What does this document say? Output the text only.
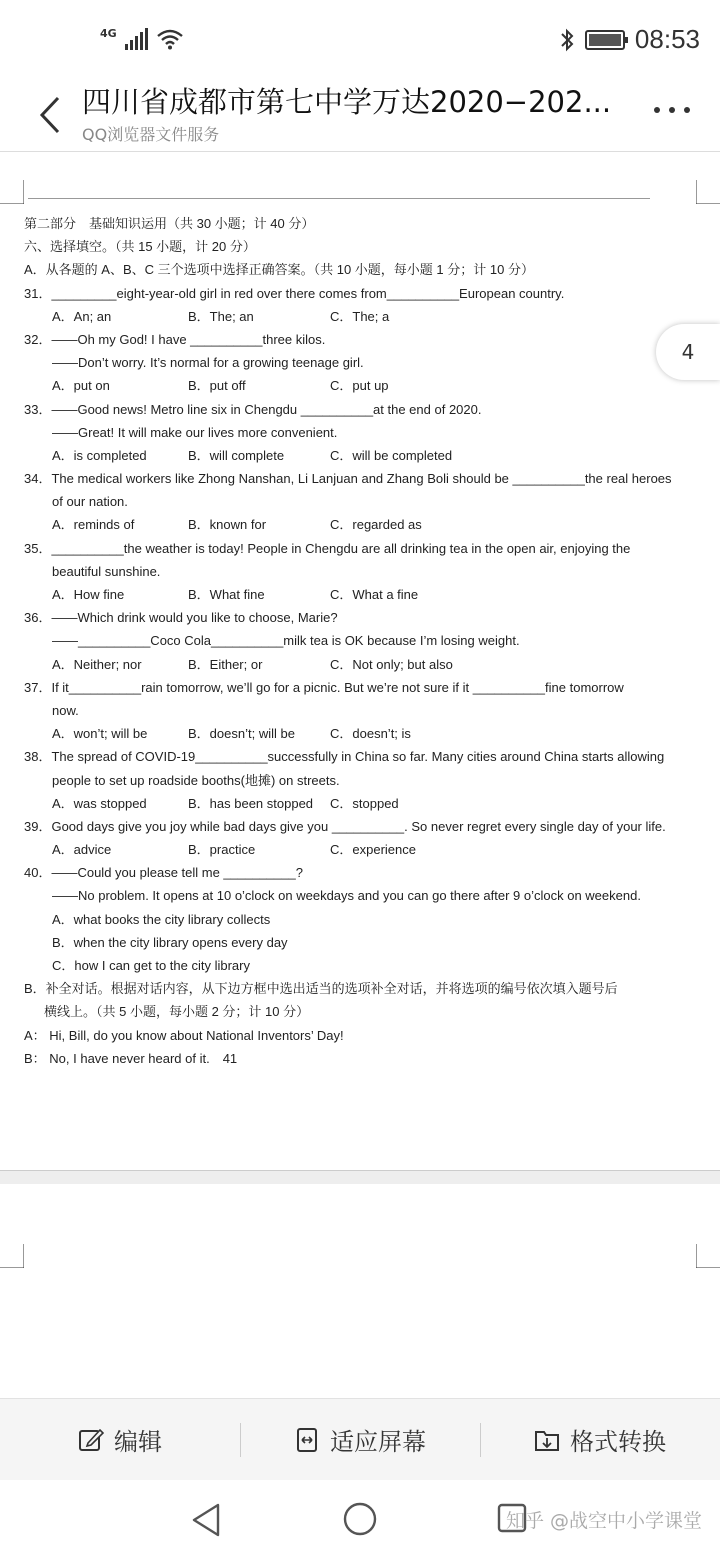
4G	08:53
四川省成都市第七中学万达2020−202...
QQ浏览器文件服务
第二部分　基础知识运用（共 30 小题；计 40 分）
六、选择填空。（共 15 小题，计 20 分）
A．从各题的 A、B、C 三个选项中选择正确答案。（共 10 小题，每小题 1 分；计 10 分）
31．_________eight-year-old girl in red over there comes from__________European country.
A．An; an	B．The; an	C．The; a
32．——Oh my God! I have __________three kilos.
——Don’t worry. It’s normal for a growing teenage girl.
A．put on	B．put off	C．put up
33．——Good news! Metro line six in Chengdu __________at the end of 2020.
——Great! It will make our lives more convenient.
A．is completed	B．will complete	C．will be completed
34．The medical workers like Zhong Nanshan, Li Lanjuan and Zhang Boli should be __________the real heroes
of our nation.
A．reminds of	B．known for	C．regarded as
35．__________the weather is today! People in Chengdu are all drinking tea in the open air, enjoying the
beautiful sunshine.
A．How fine	B．What fine	C．What a fine
36．——Which drink would you like to choose, Marie?
——__________Coco Cola__________milk tea is OK because I’m losing weight.
A．Neither; nor	B．Either; or	C．Not only; but also
37．If it__________rain tomorrow, we’ll go for a picnic. But we’re not sure if it __________fine tomorrow
now.
A．won’t; will be	B．doesn’t; will be	C．doesn’t; is
38．The spread of COVID-19__________successfully in China so far. Many cities around China starts allowing
people to set up roadside booths(地摊) on streets.
A．was stopped	B．has been stopped C．stopped
39．Good days give you joy while bad days give you __________. So never regret every single day of your life.
A．advice	B．practice	C．experience
40．——Could you please tell me __________?
——No problem. It opens at 10 o’clock on weekdays and you can go there after 9 o’clock on weekend.
A．what books the city library collects
B．when the city library opens every day
C．how I can get to the city library
B．补全对话。根据对话内容，从下边方框中选出适当的选项补全对话，并将选项的编号依次填入题号后
横线上。（共 5 小题，每小题 2 分；计 10 分）
A： Hi, Bill, do you know about National Inventors’ Day!
B： No, I have never heard of it.　41　　　
4
编辑	适应屏幕	格式转换
知乎 @战空中小学课堂
